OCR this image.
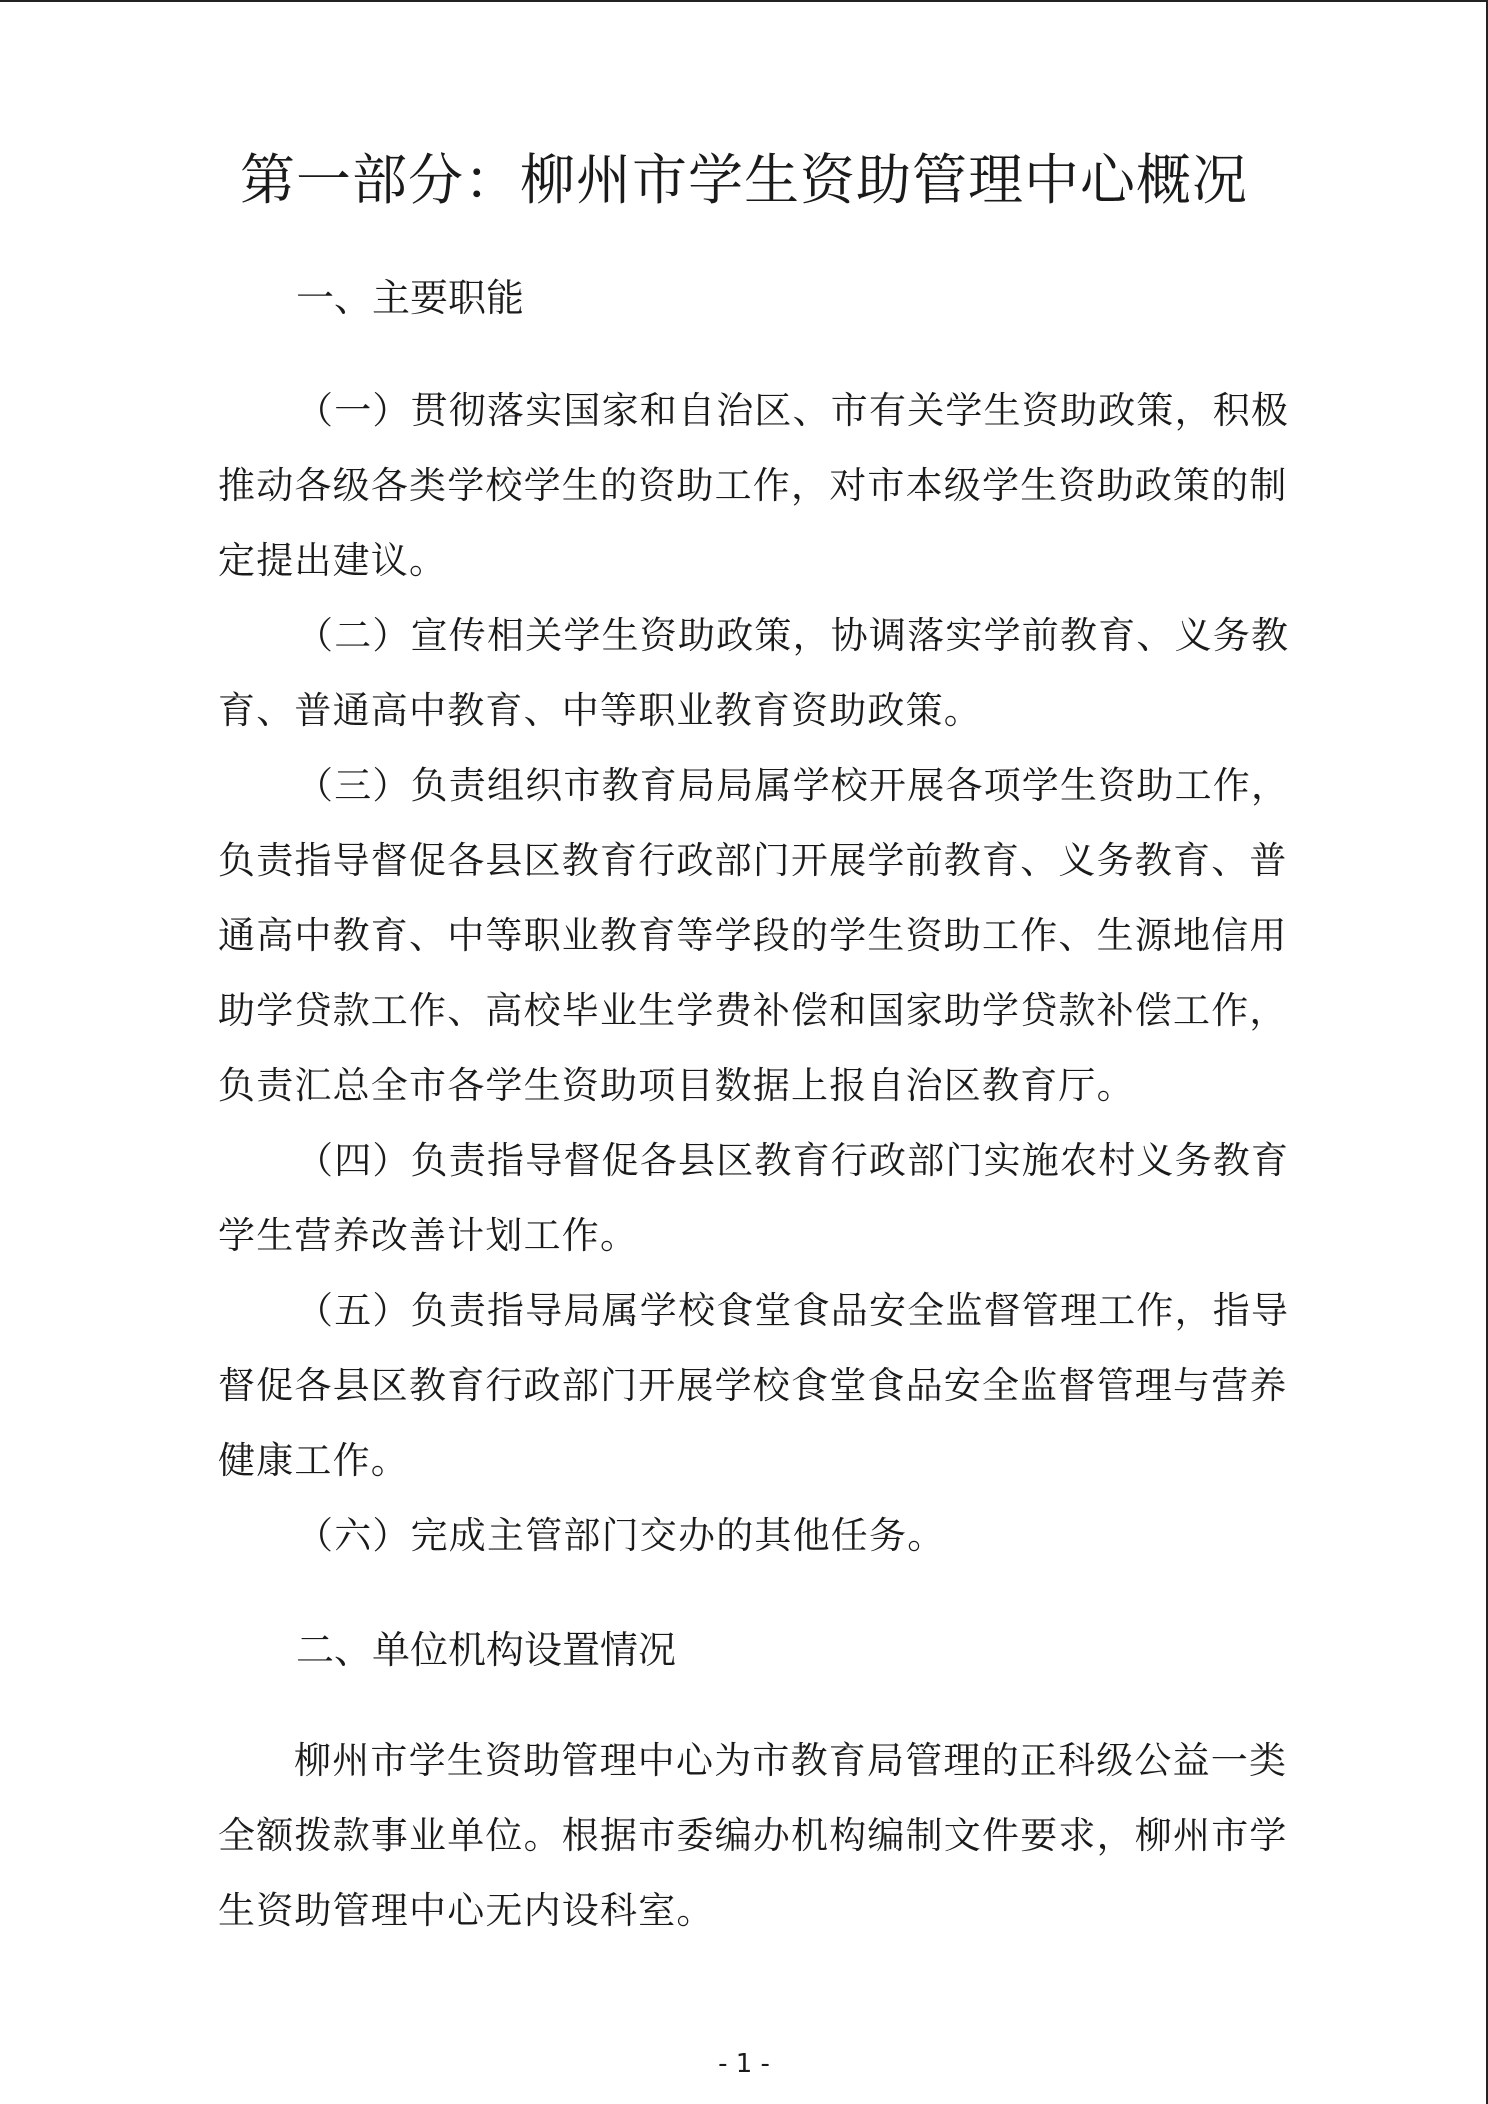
第一部分：柳州市学生资助管理中心概况
一、主要职能
（一）贯彻落实国家和自治区、市有关学生资助政策，积极
推动各级各类学校学生的资助工作，对市本级学生资助政策的制
定提出建议。
（二）宣传相关学生资助政策，协调落实学前教育、义务教
育、普通高中教育、中等职业教育资助政策。
（三）负责组织市教育局局属学校开展各项学生资助工作，
负责指导督促各县区教育行政部门开展学前教育、义务教育、普
通高中教育、中等职业教育等学段的学生资助工作、生源地信用
助学贷款工作、高校毕业生学费补偿和国家助学贷款补偿工作，
负责汇总全市各学生资助项目数据上报自治区教育厅。
（四）负责指导督促各县区教育行政部门实施农村义务教育
学生营养改善计划工作。
（五）负责指导局属学校食堂食品安全监督管理工作，指导
督促各县区教育行政部门开展学校食堂食品安全监督管理与营养
健康工作。
（六）完成主管部门交办的其他任务。
二、单位机构设置情况
柳州市学生资助管理中心为市教育局管理的正科级公益一类
全额拨款事业单位。根据市委编办机构编制文件要求，柳州市学
生资助管理中心无内设科室。
- 1 -
